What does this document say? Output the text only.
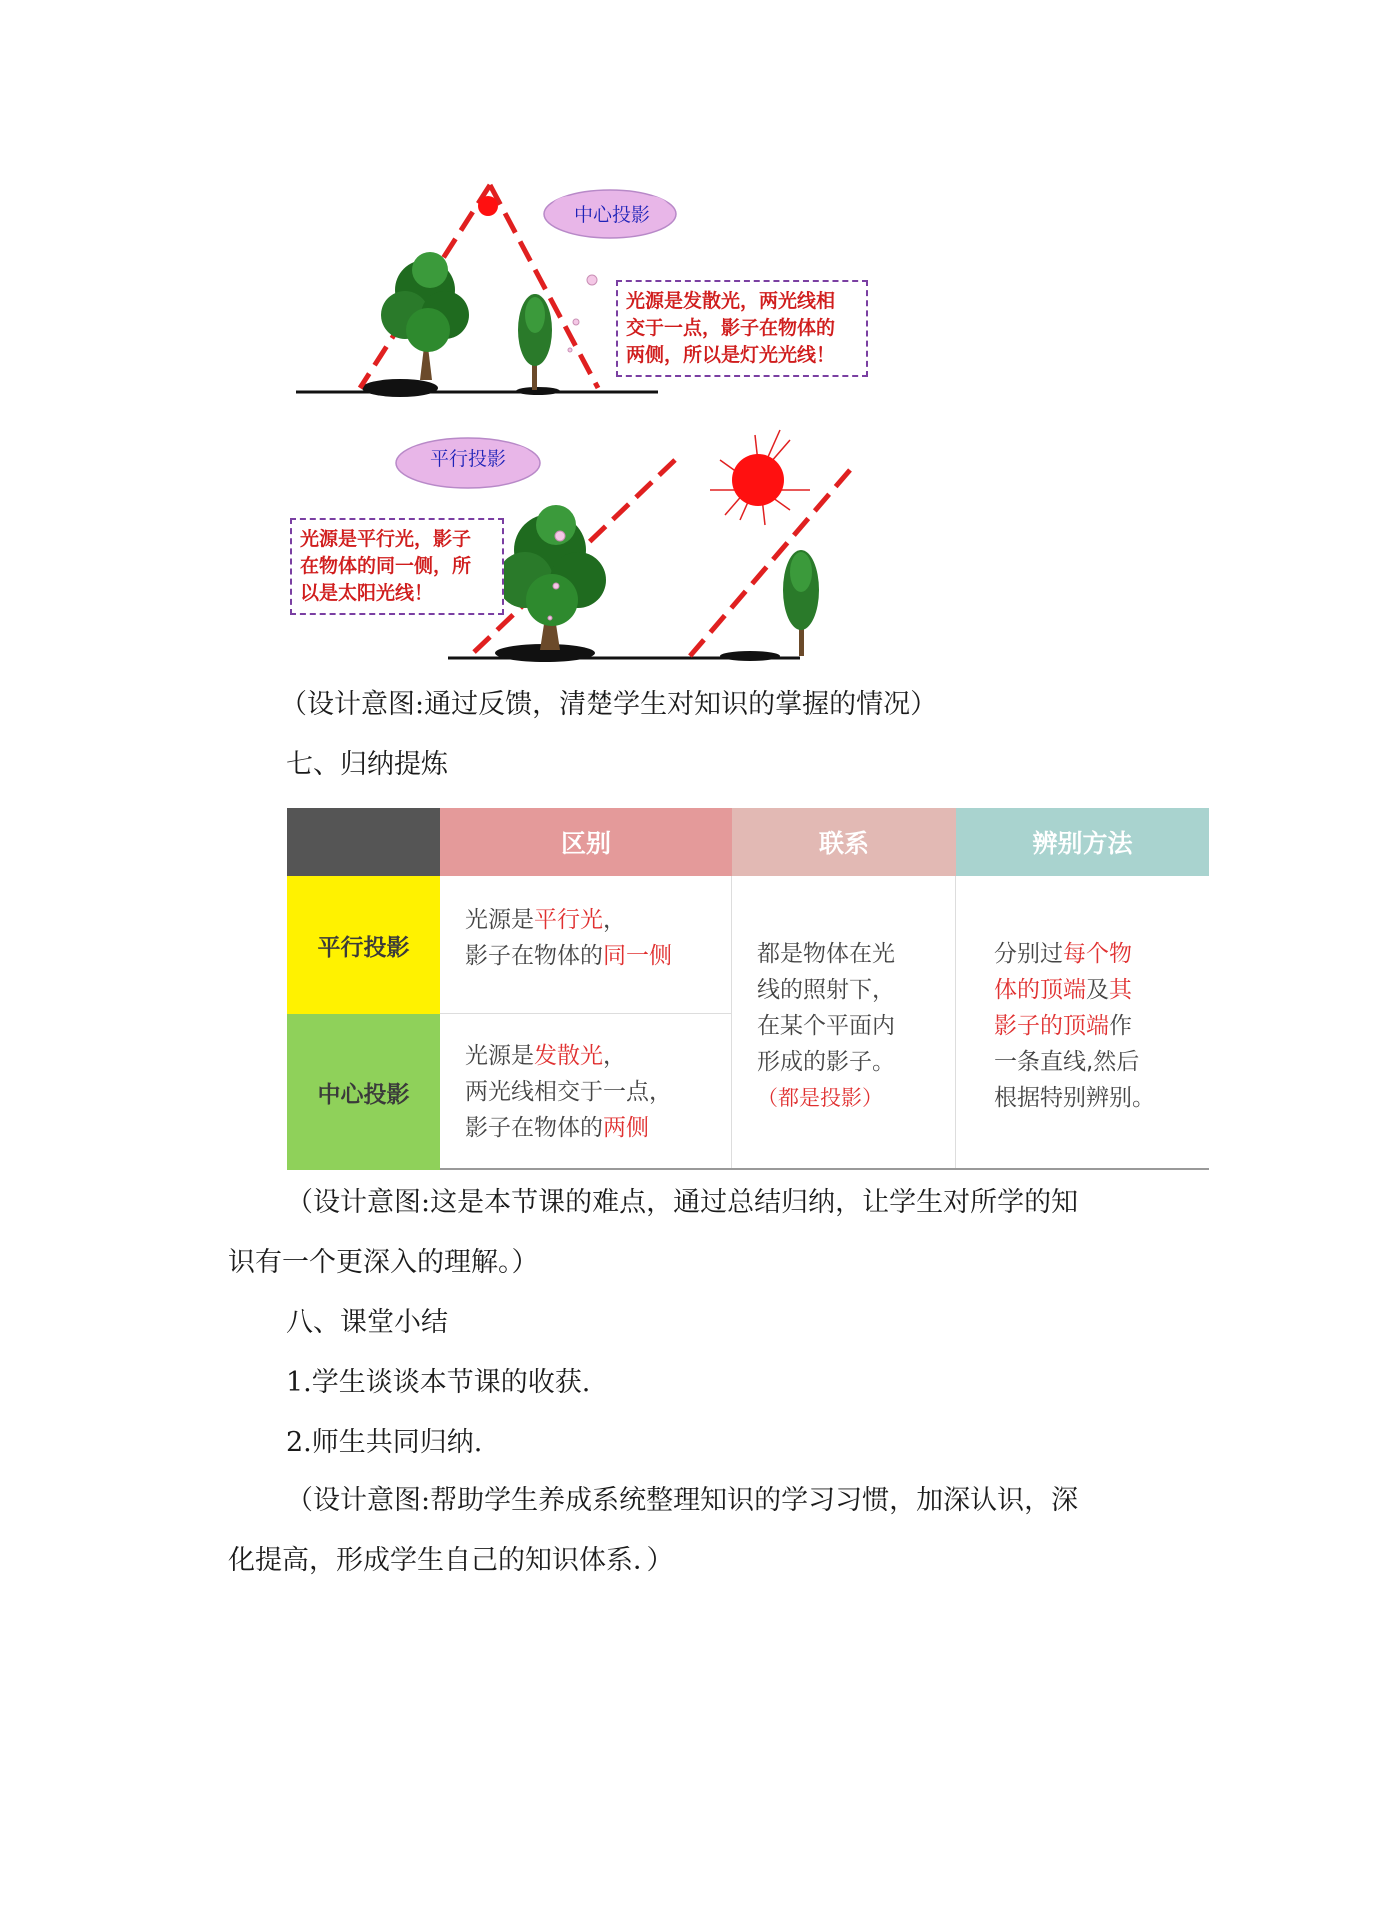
中心投影
平行投影
光源是发散光，两光线相
交于一点，影子在物体的
两侧，所以是灯光光线！
光源是平行光，影子
在物体的同一侧，所
以是太阳光线！
（设计意图:通过反馈，清楚学生对知识的掌握的情况）
七、归纳提炼
区别	联系	辨别方法
平行投影
中心投影
光源是平行光，
影子在物体的同一侧
光源是发散光，
两光线相交于一点，
影子在物体的两侧
都是物体在光
线的照射下，
在某个平面内
形成的影子。
（都是投影）
分别过每个物
体的顶端及其
影子的顶端作
一条直线,然后
根据特别辨别。
（设计意图:这是本节课的难点，通过总结归纳，让学生对所学的知
识有一个更深入的理解。）
八、课堂小结
1.学生谈谈本节课的收获.
2.师生共同归纳.
（设计意图:帮助学生养成系统整理知识的学习习惯，加深认识，深
化提高，形成学生自己的知识体系．）
